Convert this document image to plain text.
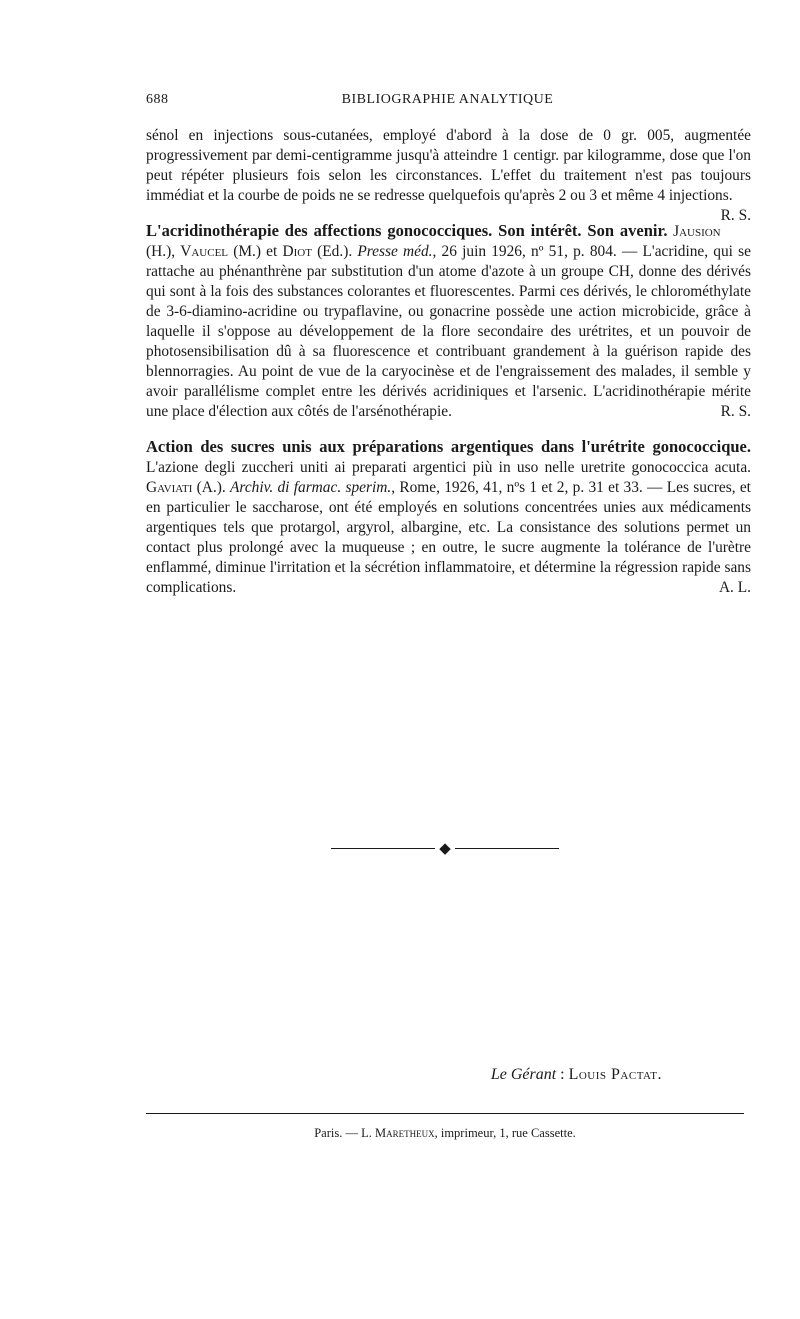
688	BIBLIOGRAPHIE ANALYTIQUE

sénol en injections sous-cutanées, employé d'abord à la dose de 0 gr. 005, augmentée progressivement par demi-centigramme jusqu'à atteindre 1 centigr. par kilogramme, dose que l'on peut répéter plusieurs fois selon les circonstances. L'effet du traitement n'est pas toujours immédiat et la courbe de poids ne se redresse quelquefois qu'après 2 ou 3 et même 4 injections.
R. S.

L'acridinothérapie des affections gonococciques. Son intérêt. Son avenir. Jausion (H.), Vaucel (M.) et Diot (Ed.). Presse méd., 26 juin 1926, nº 51, p. 804. — L'acridine, qui se rattache au phénanthrène par substitution d'un atome d'azote à un groupe CH, donne des dérivés qui sont à la fois des substances colorantes et fluorescentes. Parmi ces dérivés, le chlorométhylate de 3-6-diamino-acridine ou trypaflavine, ou gonacrine possède une action microbicide, grâce à laquelle il s'oppose au développement de la flore secondaire des urétrites, et un pouvoir de photosensibilisation dû à sa fluorescence et contribuant grandement à la guérison rapide des blennorragies. Au point de vue de la caryocinèse et de l'engraissement des malades, il semble y avoir parallélisme complet entre les dérivés acridiniques et l'arsenic. L'acridinothérapie mérite une place d'élection aux côtés de l'arsénothérapie.	R. S.

Action des sucres unis aux préparations argentiques dans l'urétrite gonococcique. L'azione degli zuccheri uniti ai preparati argentici più in uso nelle uretrite gonococcica acuta. Gaviati (A.). Archiv. di farmac. sperim., Rome, 1926, 41, nºs 1 et 2, p. 31 et 33. — Les sucres, et en particulier le saccharose, ont été employés en solutions concentrées unies aux médicaments argentiques tels que protargol, argyrol, albargine, etc. La consistance des solutions permet un contact plus prolongé avec la muqueuse ; en outre, le sucre augmente la tolérance de l'urètre enflammé, diminue l'irritation et la sécrétion inflammatoire, et détermine la régression rapide sans complications.	A. L.

◆
Le Gérant : Louis Pactat.
Paris. — L. Maretheux, imprimeur, 1, rue Cassette.
